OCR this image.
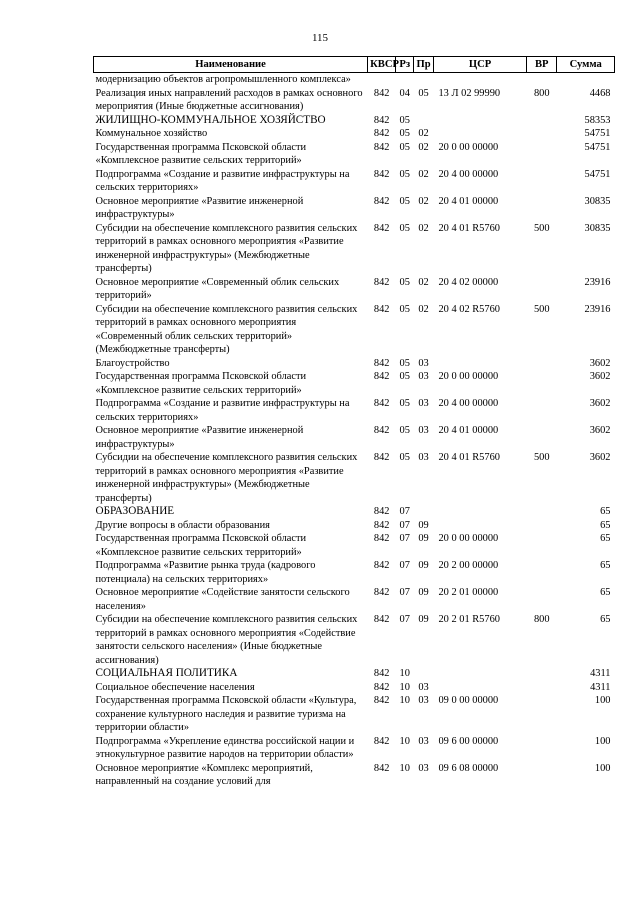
115
Наименование	КВСР	Рз	Пр	ЦСР	ВР	Сумма
модернизацию объектов агропромышленного комплекса»						
Реализация иных направлений расходов в рамках основного мероприятия (Иные бюджетные ассигнования)	842	04	05	13 Л 02 99990	800	4468
ЖИЛИЩНО-КОММУНАЛЬНОЕ ХОЗЯЙСТВО	842	05				58353
Коммунальное хозяйство	842	05	02			54751
Государственная программа Псковской области «Комплексное развитие сельских территорий»	842	05	02	20 0 00 00000		54751
Подпрограмма «Создание и развитие инфраструктуры на сельских территориях»	842	05	02	20 4 00 00000		54751
Основное мероприятие «Развитие инженерной инфраструктуры»	842	05	02	20 4 01 00000		30835
Субсидии на обеспечение комплексного развития сельских территорий в рамках основного мероприятия «Развитие инженерной инфраструктуры» (Межбюджетные трансферты)	842	05	02	20 4 01 R5760	500	30835
Основное мероприятие «Современный облик сельских территорий»	842	05	02	20 4 02 00000		23916
Субсидии на обеспечение комплексного развития сельских территорий в рамках основного мероприятия «Современный облик сельских территорий» (Межбюджетные трансферты)	842	05	02	20 4 02 R5760	500	23916
Благоустройство	842	05	03			3602
Государственная программа Псковской области «Комплексное развитие сельских территорий»	842	05	03	20 0 00 00000		3602
Подпрограмма «Создание и развитие инфраструктуры на сельских территориях»	842	05	03	20 4 00 00000		3602
Основное мероприятие «Развитие инженерной инфраструктуры»	842	05	03	20 4 01 00000		3602
Субсидии на обеспечение комплексного развития сельских территорий в рамках основного мероприятия «Развитие инженерной инфраструктуры» (Межбюджетные трансферты)	842	05	03	20 4 01 R5760	500	3602
ОБРАЗОВАНИЕ	842	07				65
Другие вопросы в области образования	842	07	09			65
Государственная программа Псковской области «Комплексное развитие сельских территорий»	842	07	09	20 0 00 00000		65
Подпрограмма «Развитие рынка труда (кадрового потенциала) на сельских территориях»	842	07	09	20 2 00 00000		65
Основное мероприятие «Содействие занятости сельского населения»	842	07	09	20 2 01 00000		65
Субсидии на обеспечение комплексного развития сельских территорий в рамках основного мероприятия «Содействие занятости сельского населения» (Иные бюджетные ассигнования)	842	07	09	20 2 01 R5760	800	65
СОЦИАЛЬНАЯ ПОЛИТИКА	842	10				4311
Социальное обеспечение населения	842	10	03			4311
Государственная программа Псковской области «Культура, сохранение культурного наследия и развитие туризма на территории области»	842	10	03	09 0 00 00000		100
Подпрограмма «Укрепление единства российской нации и этнокультурное развитие народов на территории области»	842	10	03	09 6 00 00000		100
Основное мероприятие «Комплекс мероприятий, направленный на создание условий для	842	10	03	09 6 08 00000		100
